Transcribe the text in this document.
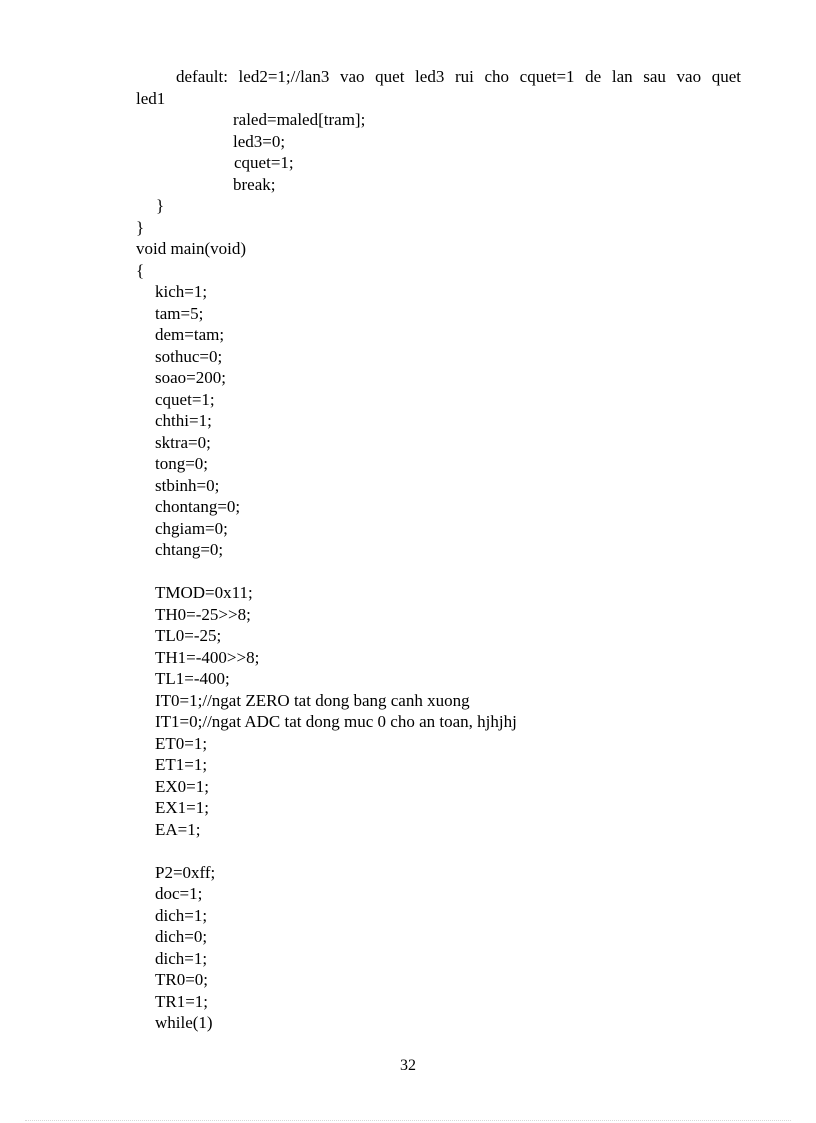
default: led2=1;//lan3 vao quet led3 rui cho cquet=1 de lan sau vao quet
led1
raled=maled[tram];
led3=0;
cquet=1;
break;
}
}
void main(void)
{
kich=1;
tam=5;
dem=tam;
sothuc=0;
soao=200;
cquet=1;
chthi=1;
sktra=0;
tong=0;
stbinh=0;
chontang=0;
chgiam=0;
chtang=0;
TMOD=0x11;
TH0=-25>>8;
TL0=-25;
TH1=-400>>8;
TL1=-400;
IT0=1;//ngat ZERO tat dong bang canh xuong
IT1=0;//ngat ADC tat dong muc 0 cho an toan, hjhjhj
ET0=1;
ET1=1;
EX0=1;
EX1=1;
EA=1;
P2=0xff;
doc=1;
dich=1;
dich=0;
dich=1;
TR0=0;
TR1=1;
while(1)
32
